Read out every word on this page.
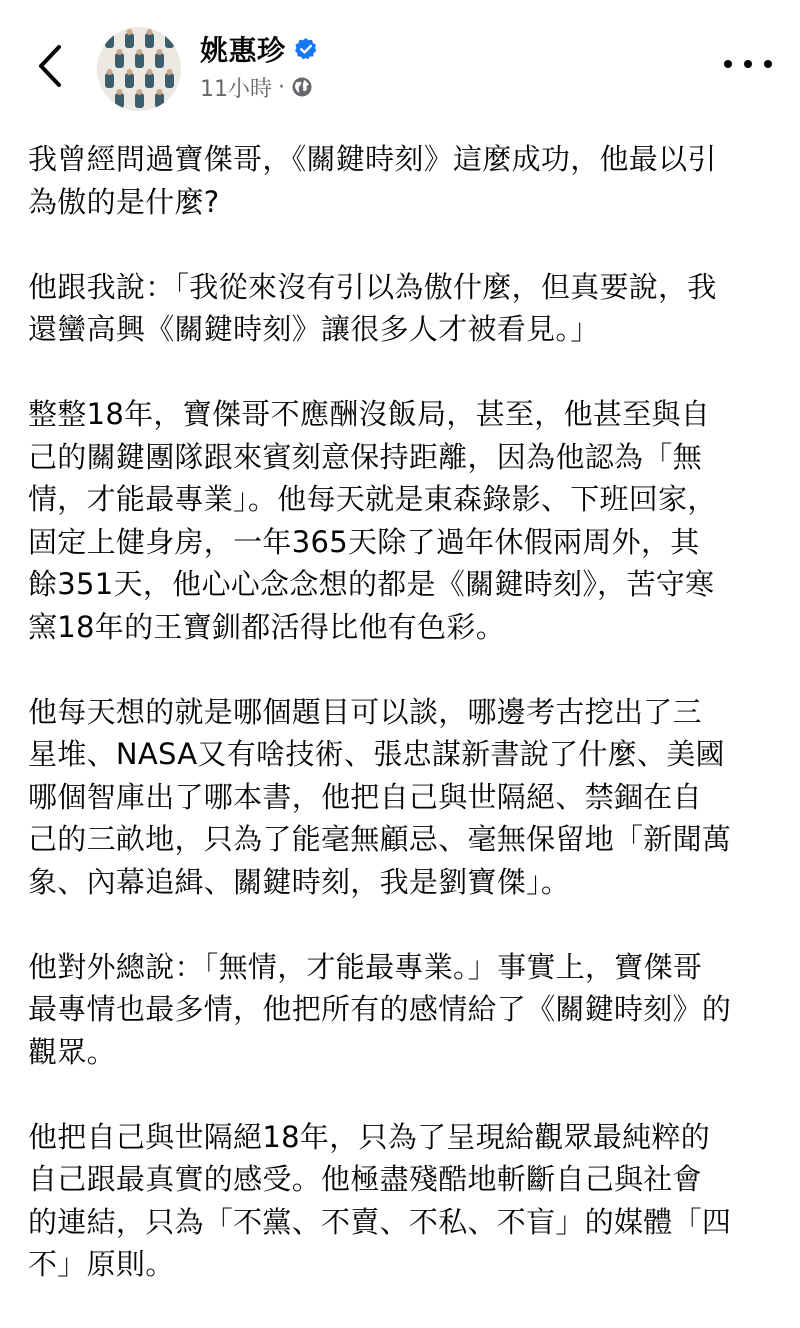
姚惠珍
11小時 ·

我曾經問過寶傑哥，《關鍵時刻》這麼成功，他最以引
為傲的是什麼?

他跟我說：「我從來沒有引以為傲什麼，但真要說，我
還蠻高興《關鍵時刻》讓很多人才被看見。」

整整18年，寶傑哥不應酬沒飯局，甚至，他甚至與自
己的關鍵團隊跟來賓刻意保持距離，因為他認為「無
情，才能最專業」。他每天就是東森錄影、下班回家，
固定上健身房，一年365天除了過年休假兩周外，其
餘351天，他心心念念想的都是《關鍵時刻》，苦守寒
窯18年的王寶釧都活得比他有色彩。

他每天想的就是哪個題目可以談，哪邊考古挖出了三
星堆、NASA又有啥技術、張忠謀新書說了什麼、美國
哪個智庫出了哪本書，他把自己與世隔絕、禁錮在自
己的三畝地，只為了能毫無顧忌、毫無保留地「新聞萬
象、內幕追緝、關鍵時刻，我是劉寶傑」。

他對外總說：「無情，才能最專業。」事實上，寶傑哥
最專情也最多情，他把所有的感情給了《關鍵時刻》的
觀眾。

他把自己與世隔絕18年，只為了呈現給觀眾最純粹的
自己跟最真實的感受。他極盡殘酷地斬斷自己與社會
的連結，只為「不黨、不賣、不私、不盲」的媒體「四
不」原則。
